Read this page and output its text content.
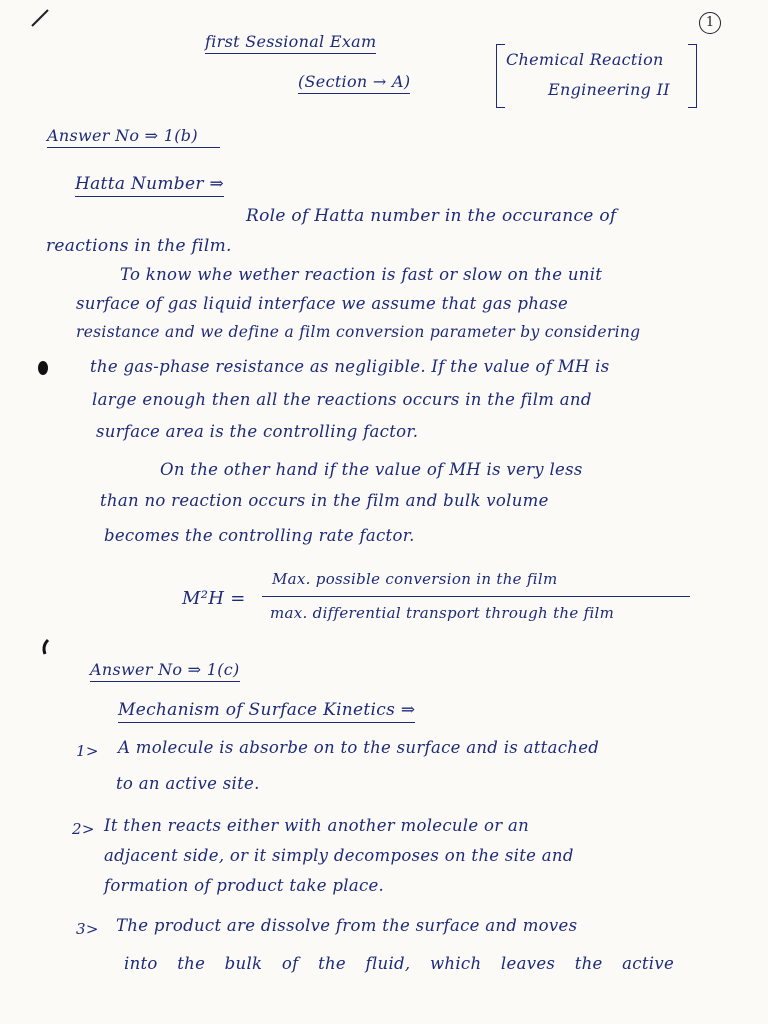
1
first Sessional Exam
(Section → A)
Chemical Reaction
Engineering II
Answer No ⇒ 1(b)
Hatta Number ⇒
Role of Hatta number in the occurance of
reactions in the film.
To know whe wether reaction is fast or slow on the unit
surface of gas liquid interface we assume that gas phase
resistance and we define a film conversion parameter by considering
the gas-phase resistance as negligible. If the value of MH is
large enough then all the reactions occurs in the film and
surface area is the controlling factor.
On the other hand if the value of MH is very less
than no reaction occurs in the film and bulk volume
becomes the controlling rate factor.
M²H =
Max. possible conversion in the film
max. differential transport through the film
Answer No ⇒ 1(c)
Mechanism of Surface Kinetics ⇒
1> A molecule is absorbe on to the surface and is attached
to an active site.
2> It then reacts either with another molecule or an
adjacent side, or it simply decomposes on the site and
formation of product take place.
3> The product are dissolve from the surface and moves
into the bulk of the fluid, which leaves the active
